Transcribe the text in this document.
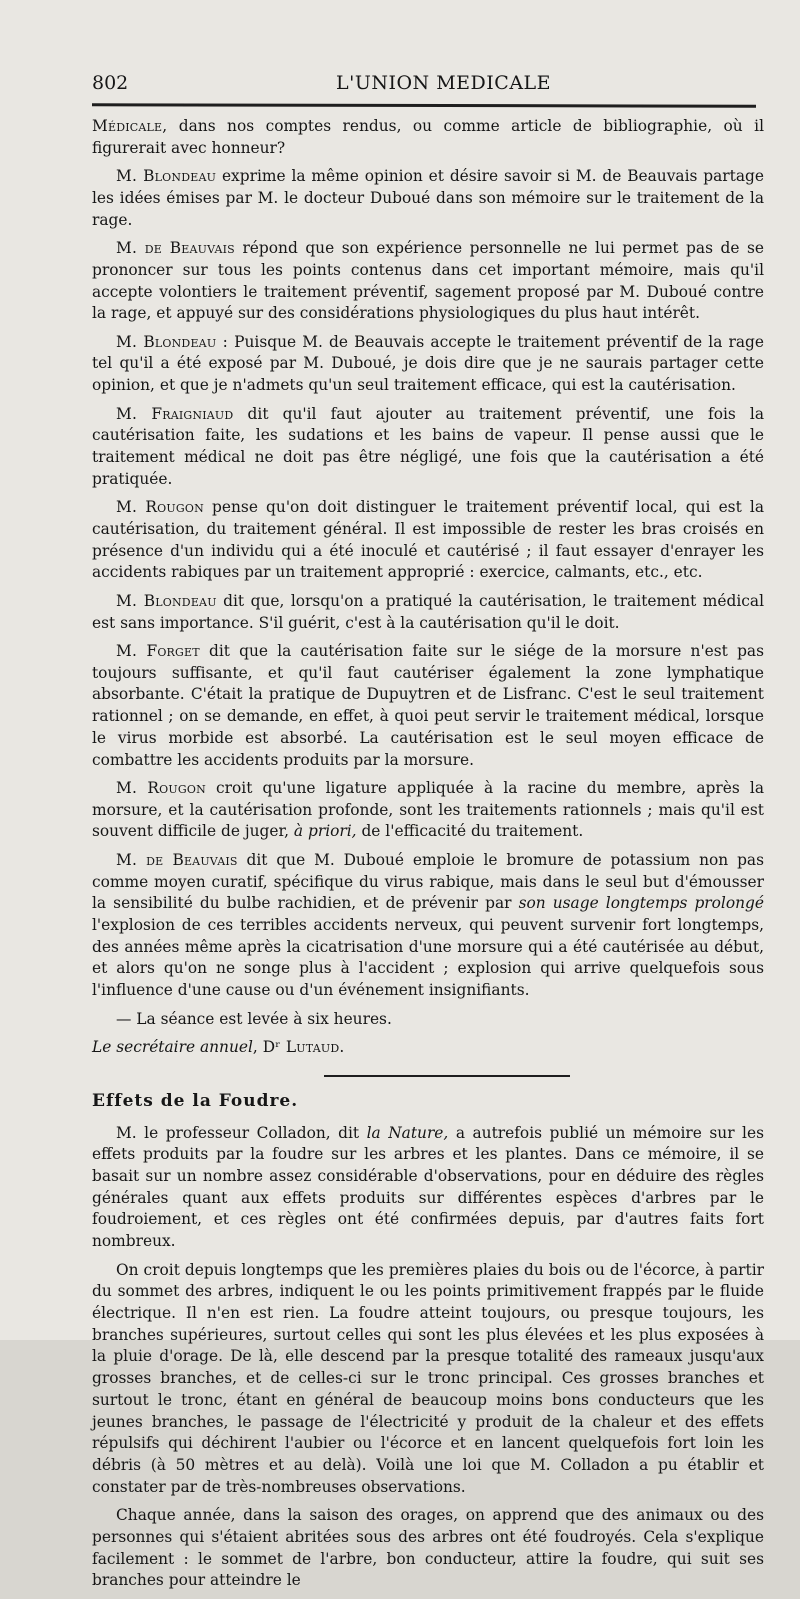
802	L'UNION MEDICALE

Médicale, dans nos comptes rendus, ou comme article de bibliographie, où il figurerait avec honneur?

M. Blondeau exprime la même opinion et désire savoir si M. de Beauvais partage les idées émises par M. le docteur Duboué dans son mémoire sur le traitement de la rage.

M. de Beauvais répond que son expérience personnelle ne lui permet pas de se prononcer sur tous les points contenus dans cet important mémoire, mais qu'il accepte volontiers le traitement préventif, sagement proposé par M. Duboué contre la rage, et appuyé sur des considérations physiologiques du plus haut intérêt.

M. Blondeau : Puisque M. de Beauvais accepte le traitement préventif de la rage tel qu'il a été exposé par M. Duboué, je dois dire que je ne saurais partager cette opinion, et que je n'admets qu'un seul traitement efficace, qui est la cautérisation.

M. Fraigniaud dit qu'il faut ajouter au traitement préventif, une fois la cautérisation faite, les sudations et les bains de vapeur. Il pense aussi que le traitement médical ne doit pas être négligé, une fois que la cautérisation a été pratiquée.

M. Rougon pense qu'on doit distinguer le traitement préventif local, qui est la cautérisation, du traitement général. Il est impossible de rester les bras croisés en présence d'un individu qui a été inoculé et cautérisé ; il faut essayer d'enrayer les accidents rabiques par un traitement approprié : exercice, calmants, etc., etc.

M. Blondeau dit que, lorsqu'on a pratiqué la cautérisation, le traitement médical est sans importance. S'il guérit, c'est à la cautérisation qu'il le doit.

M. Forget dit que la cautérisation faite sur le siége de la morsure n'est pas toujours suffisante, et qu'il faut cautériser également la zone lymphatique absorbante. C'était la pratique de Dupuytren et de Lisfranc. C'est le seul traitement rationnel ; on se demande, en effet, à quoi peut servir le traitement médical, lorsque le virus morbide est absorbé. La cautérisation est le seul moyen efficace de combattre les accidents produits par la morsure.

M. Rougon croit qu'une ligature appliquée à la racine du membre, après la morsure, et la cautérisation profonde, sont les traitements rationnels ; mais qu'il est souvent difficile de juger, à priori, de l'efficacité du traitement.

M. de Beauvais dit que M. Duboué emploie le bromure de potassium non pas comme moyen curatif, spécifique du virus rabique, mais dans le seul but d'émousser la sensibilité du bulbe rachidien, et de prévenir par son usage longtemps prolongé l'explosion de ces terribles accidents nerveux, qui peuvent survenir fort longtemps, des années même après la cicatrisation d'une morsure qui a été cautérisée au début, et alors qu'on ne songe plus à l'accident ; explosion qui arrive quelquefois sous l'influence d'une cause ou d'un événement insignifiants.

— La séance est levée à six heures.

Le secrétaire annuel, Dʳ Lutaud.

Effets de la Foudre.

M. le professeur Colladon, dit la Nature, a autrefois publié un mémoire sur les effets produits par la foudre sur les arbres et les plantes. Dans ce mémoire, il se basait sur un nombre assez considérable d'observations, pour en déduire des règles générales quant aux effets produits sur différentes espèces d'arbres par le foudroiement, et ces règles ont été confirmées depuis, par d'autres faits fort nombreux.

On croit depuis longtemps que les premières plaies du bois ou de l'écorce, à partir du sommet des arbres, indiquent le ou les points primitivement frappés par le fluide électrique. Il n'en est rien. La foudre atteint toujours, ou presque toujours, les branches supérieures, surtout celles qui sont les plus élevées et les plus exposées à la pluie d'orage. De là, elle descend par la presque totalité des rameaux jusqu'aux grosses branches, et de celles-ci sur le tronc principal. Ces grosses branches et surtout le tronc, étant en général de beaucoup moins bons conducteurs que les jeunes branches, le passage de l'électricité y produit de la chaleur et des effets répulsifs qui déchirent l'aubier ou l'écorce et en lancent quelquefois fort loin les débris (à 50 mètres et au delà). Voilà une loi que M. Colladon a pu établir et constater par de très-nombreuses observations.

Chaque année, dans la saison des orages, on apprend que des animaux ou des personnes qui s'étaient abritées sous des arbres ont été foudroyés. Cela s'explique facilement : le sommet de l'arbre, bon conducteur, attire la foudre, qui suit ses branches pour atteindre le
